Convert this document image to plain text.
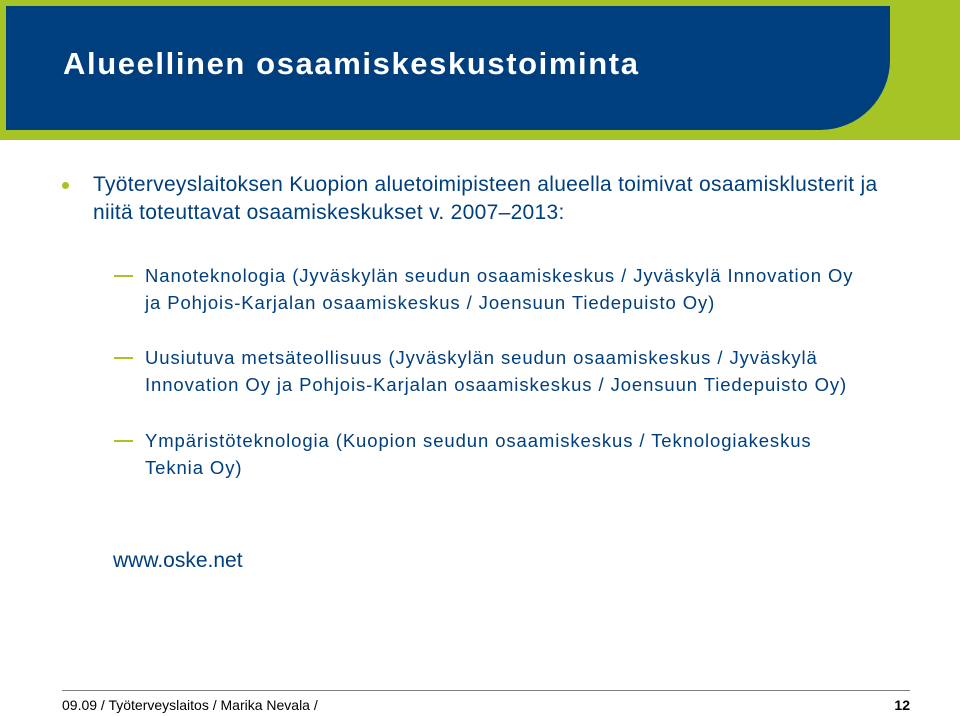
Alueellinen osaamiskeskustoiminta
Työterveyslaitoksen Kuopion aluetoimipisteen alueella toimivat osaamisklusterit ja niitä toteuttavat osaamiskeskukset v. 2007–2013:
Nanoteknologia (Jyväskylän seudun osaamiskeskus / Jyväskylä Innovation Oy ja Pohjois-Karjalan osaamiskeskus / Joensuun Tiedepuisto Oy)
Uusiutuva metsäteollisuus (Jyväskylän seudun osaamiskeskus / Jyväskylä Innovation Oy ja Pohjois-Karjalan osaamiskeskus / Joensuun Tiedepuisto Oy)
Ympäristöteknologia (Kuopion seudun osaamiskeskus / Teknologiakeskus Teknia Oy)
www.oske.net
09.09 / Työterveyslaitos / Marika Nevala /	12
